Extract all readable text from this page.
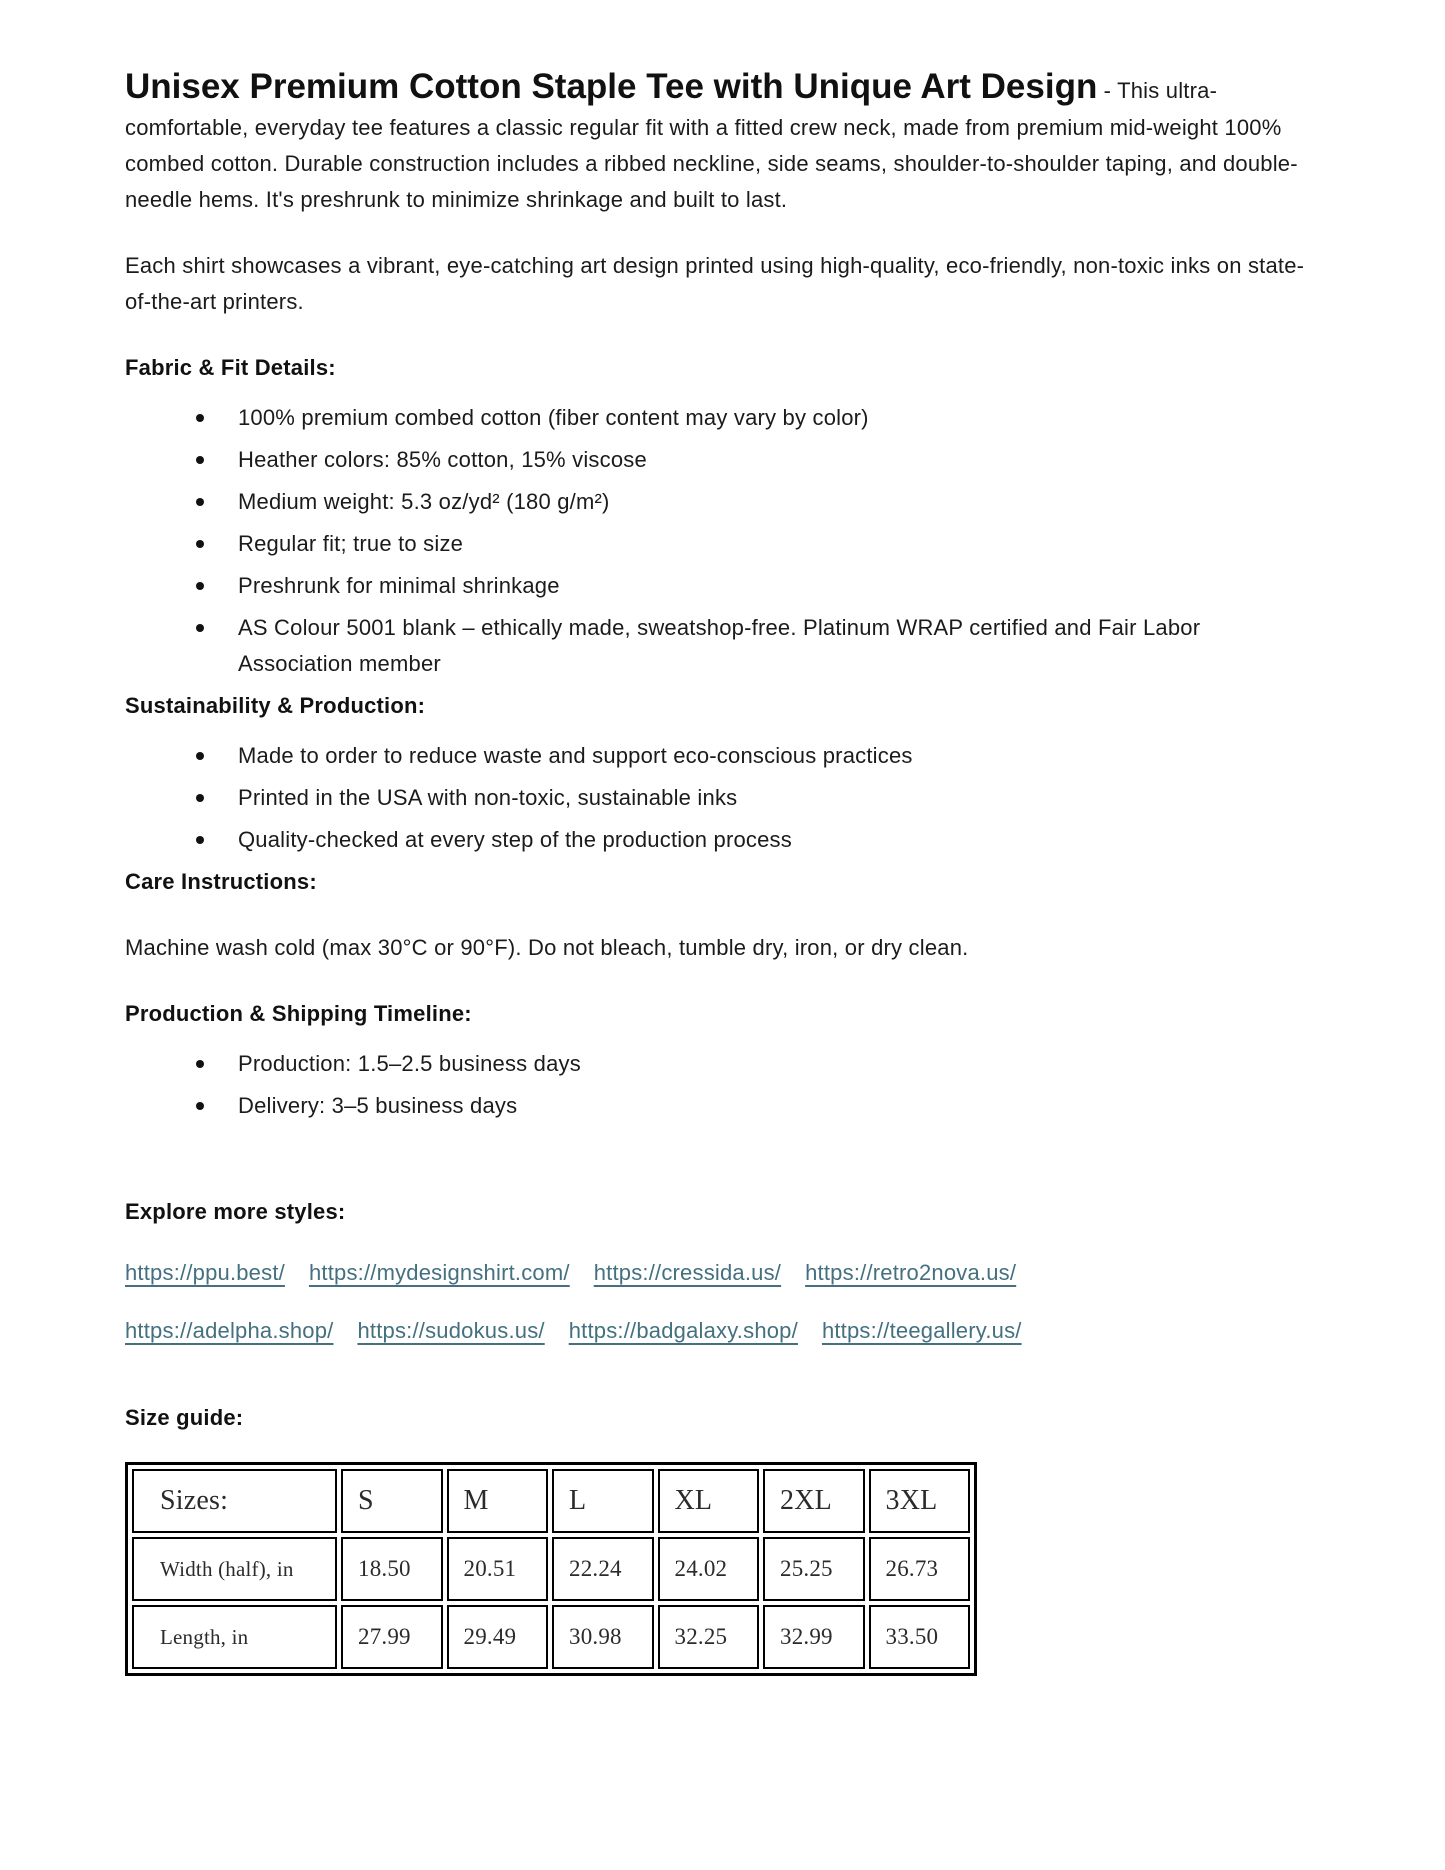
Unisex Premium Cotton Staple Tee with Unique Art Design - This ultra-comfortable, everyday tee features a classic regular fit with a fitted crew neck, made from premium mid-weight 100% combed cotton. Durable construction includes a ribbed neckline, side seams, shoulder-to-shoulder taping, and double-needle hems. It's preshrunk to minimize shrinkage and built to last.

Each shirt showcases a vibrant, eye-catching art design printed using high-quality, eco-friendly, non-toxic inks on state-of-the-art printers.

Fabric & Fit Details:
100% premium combed cotton (fiber content may vary by color)
Heather colors: 85% cotton, 15% viscose
Medium weight: 5.3 oz/yd² (180 g/m²)
Regular fit; true to size
Preshrunk for minimal shrinkage
AS Colour 5001 blank – ethically made, sweatshop-free. Platinum WRAP certified and Fair Labor Association member
Sustainability & Production:
Made to order to reduce waste and support eco-conscious practices
Printed in the USA with non-toxic, sustainable inks
Quality-checked at every step of the production process
Care Instructions:

Machine wash cold (max 30°C or 90°F). Do not bleach, tumble dry, iron, or dry clean.

Production & Shipping Timeline:
Production: 1.5–2.5 business days
Delivery: 3–5 business days
Explore more styles:

https://ppu.best/ https://mydesignshirt.com/ https://cressida.us/ https://retro2nova.us/
https://adelpha.shop/ https://sudokus.us/ https://badgalaxy.shop/ https://teegallery.us/

Size guide:
Sizes:	S	M	L	XL	2XL	3XL
Width (half), in	18.50	20.51	22.24	24.02	25.25	26.73
Length, in	27.99	29.49	30.98	32.25	32.99	33.50
